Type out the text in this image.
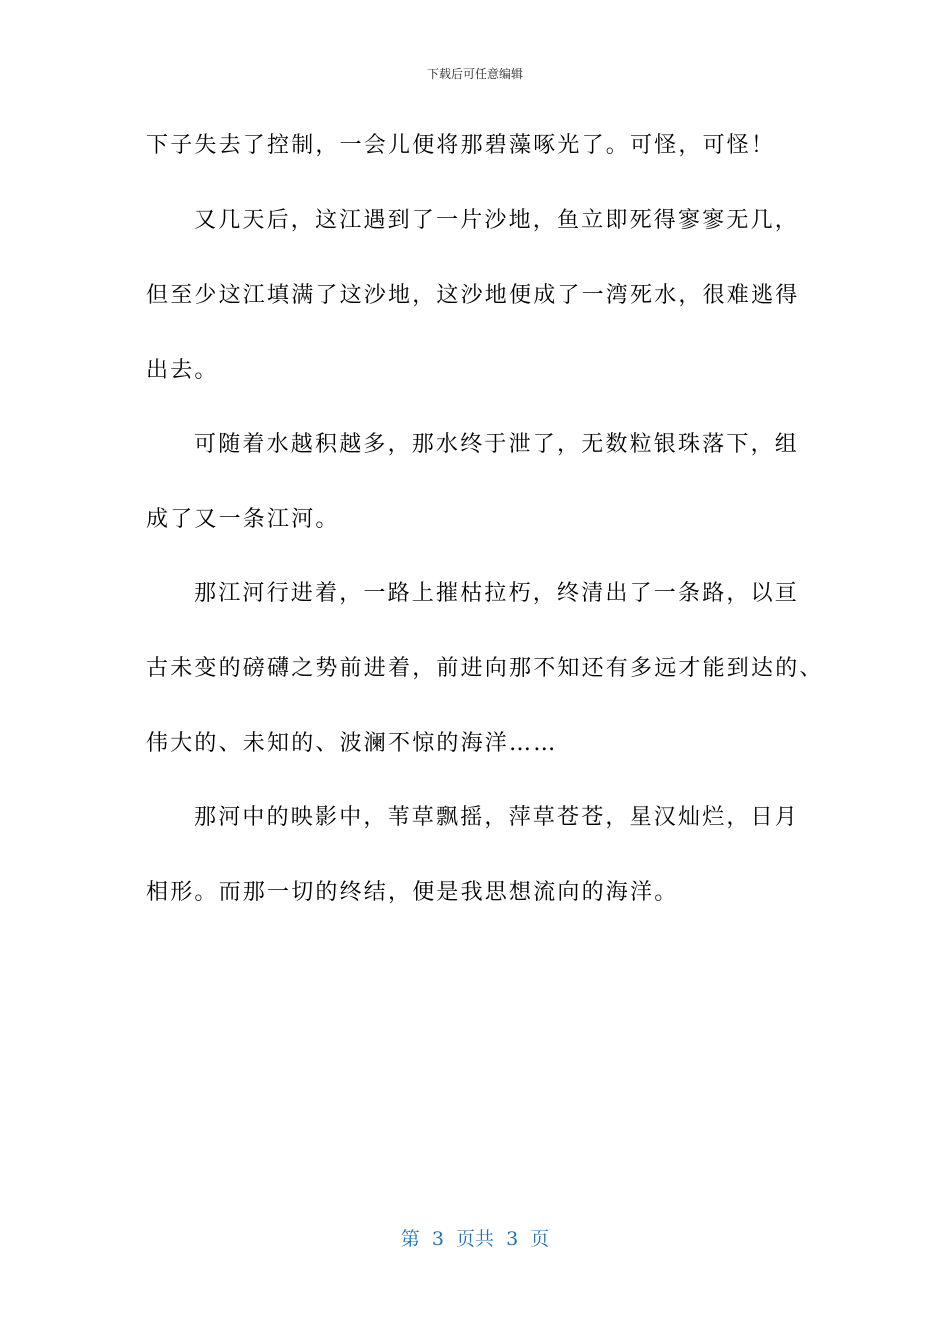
下载后可任意编辑
下子失去了控制，一会儿便将那碧藻啄光了。可怪，可怪！
又几天后，这江遇到了一片沙地，鱼立即死得寥寥无几，
但至少这江填满了这沙地，这沙地便成了一湾死水，很难逃得
出去。
可随着水越积越多，那水终于泄了，无数粒银珠落下，组
成了又一条江河。
那江河行进着，一路上摧枯拉朽，终清出了一条路，以亘
古未变的磅礴之势前进着，前进向那不知还有多远才能到达的、
伟大的、未知的、波澜不惊的海洋……
那河中的映影中，苇草飘摇，萍草苍苍，星汉灿烂，日月
相形。而那一切的终结，便是我思想流向的海洋。
第  3  页共  3  页
